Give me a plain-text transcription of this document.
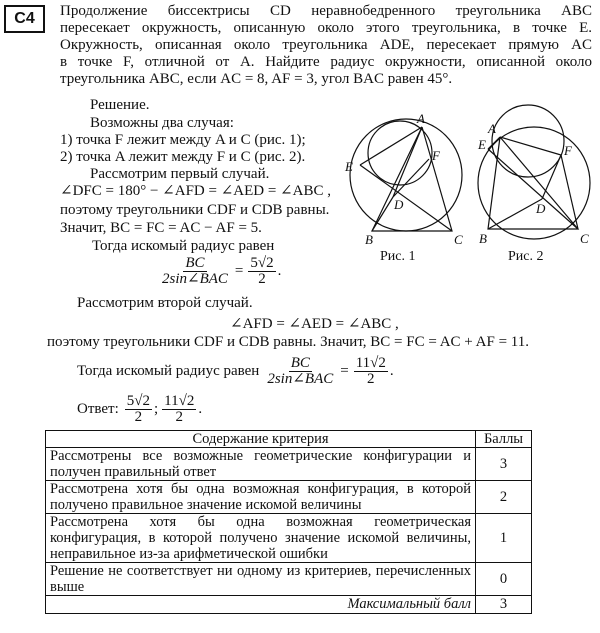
C4	Продолжение биссектрисы CD неравнобедренного треугольника ABC
пересекает окружность, описанную около этого треугольника, в точке E.
Окружность, описанная около треугольника ADE, пересекает прямую AC
в точке F, отличной от A. Найдите радиус окружности, описанной около
треугольника ABC, если AC = 8, AF = 3, угол BAC равен 45°.
Решение.
Возможны два случая:
1) точка F лежит между A и C (рис. 1);
2) точка A лежит между F и C (рис. 2).
Рассмотрим первый случай.
∠DFC = 180° − ∠AFD = ∠AED = ∠ABC ,
поэтому треугольники CDF и CDB равны.
Значит, BC = FC = AC − AF = 5.
Тогда искомый радиус равен
$\frac{BC}{\text{2sin∠BAC}} = \frac{5√2}{2}$ .
Рассмотрим второй случай.
∠AFD = ∠AED = ∠ABC ,
поэтому треугольники CDF и CDB равны. Значит, BC = FC = AC + AF = 11.
Тогда искомый радиус равен $\frac{BC}{\text{2sin∠BAC}} = \frac{11√2}{2}$ .
Ответ: $\frac{5√2}{2}$ ; $\frac{11√2}{2}$ .
A
E
F
D
B	C
Рис. 1
A
E	F
D
B	C
Рис. 2
Содержание критерия	Баллы
Рассмотрены все возможные геометрические конфигурации и получен правильный ответ	3
Рассмотрена хотя бы одна возможная конфигурация, в которой получено правильное значение искомой величины	2
Рассмотрена хотя бы одна возможная геометрическая конфигурация, в которой получено значение искомой величины, неправильное из-за арифметической ошибки	1
Решение не соответствует ни одному из критериев, перечисленных выше	0
Максимальный балл	3
